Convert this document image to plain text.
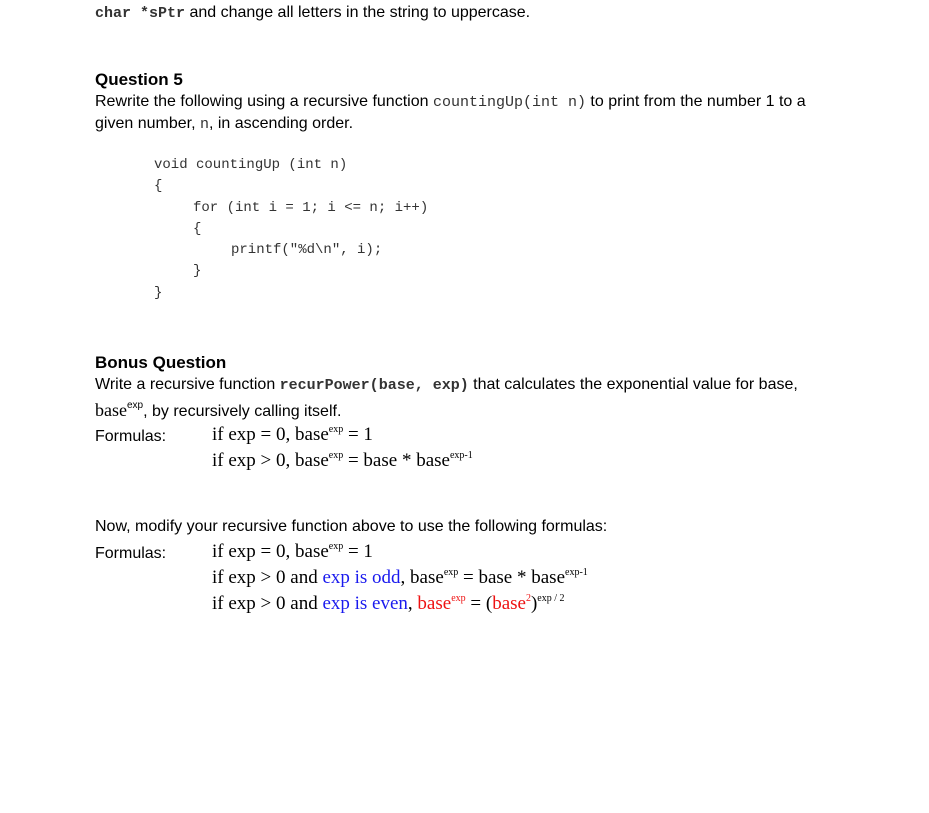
char *sPtr and change all letters in the string to uppercase.
Question 5
Rewrite the following using a recursive function countingUp(int n) to print from the number 1 to a
given number, n, in ascending order.
void countingUp (int n)
{
for (int i = 1; i <= n; i++)
{
printf("%d\n", i);
}
}
Bonus Question
Write a recursive function recurPower(base, exp) that calculates the exponential value for base,
base$^{exp}$, by recursively calling itself.
Formulas: if exp = 0, base$^{exp}$ = 1
if exp > 0, base$^{exp}$ = base * base$^{exp-1}$
Now, modify your recursive function above to use the following formulas:
Formulas: if exp = 0, base$^{exp}$ = 1
if exp > 0 and exp is odd, base$^{exp}$ = base * base$^{exp-1}$
if exp > 0 and exp is even, base$^{exp}$ = (base$^2$)$^{exp / 2}$
